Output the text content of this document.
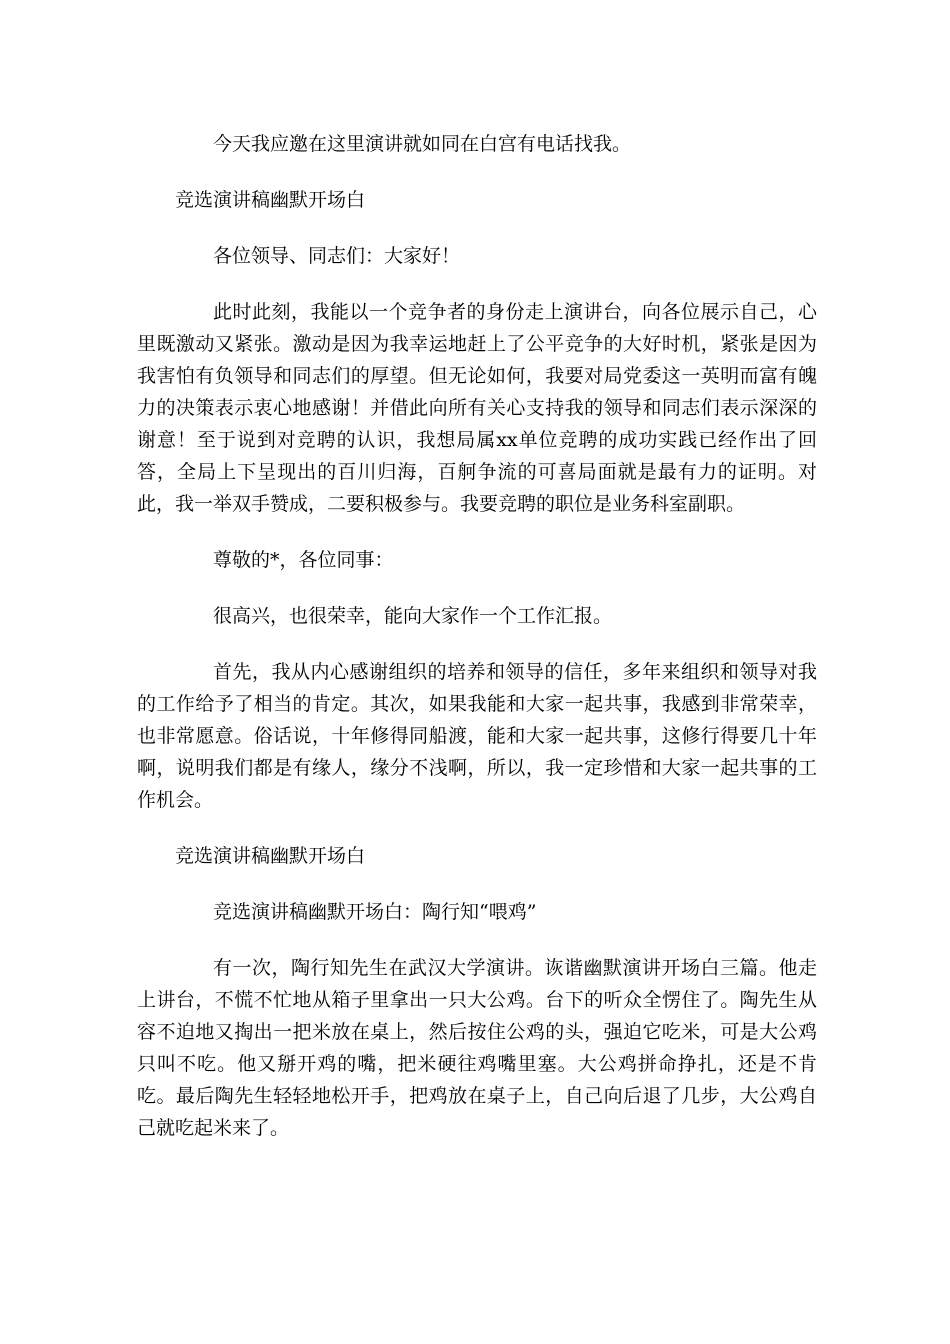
今天我应邀在这里演讲就如同在白宫有电话找我。

竞选演讲稿幽默开场白

各位领导、同志们：大家好！

此时此刻，我能以一个竞争者的身份走上演讲台，向各位展示自己，心里既激动又紧张。激动是因为我幸运地赶上了公平竞争的大好时机，紧张是因为我害怕有负领导和同志们的厚望。但无论如何，我要对局党委这一英明而富有魄力的决策表示衷心地感谢！并借此向所有关心支持我的领导和同志们表示深深的谢意！至于说到对竞聘的认识，我想局属xx单位竞聘的成功实践已经作出了回答，全局上下呈现出的百川归海，百舸争流的可喜局面就是最有力的证明。对此，我一举双手赞成，二要积极参与。我要竞聘的职位是业务科室副职。

尊敬的*，各位同事：

很高兴，也很荣幸，能向大家作一个工作汇报。

首先，我从内心感谢组织的培养和领导的信任，多年来组织和领导对我的工作给予了相当的肯定。其次，如果我能和大家一起共事，我感到非常荣幸，也非常愿意。俗话说，十年修得同船渡，能和大家一起共事，这修行得要几十年啊，说明我们都是有缘人，缘分不浅啊，所以，我一定珍惜和大家一起共事的工作机会。

竞选演讲稿幽默开场白

竞选演讲稿幽默开场白：陶行知“喂鸡”

有一次，陶行知先生在武汉大学演讲。诙谐幽默演讲开场白三篇。他走上讲台，不慌不忙地从箱子里拿出一只大公鸡。台下的听众全愣住了。陶先生从容不迫地又掏出一把米放在桌上，然后按住公鸡的头，强迫它吃米，可是大公鸡只叫不吃。他又掰开鸡的嘴，把米硬往鸡嘴里塞。大公鸡拼命挣扎，还是不肯吃。最后陶先生轻轻地松开手，把鸡放在桌子上，自己向后退了几步，大公鸡自己就吃起米来了。
